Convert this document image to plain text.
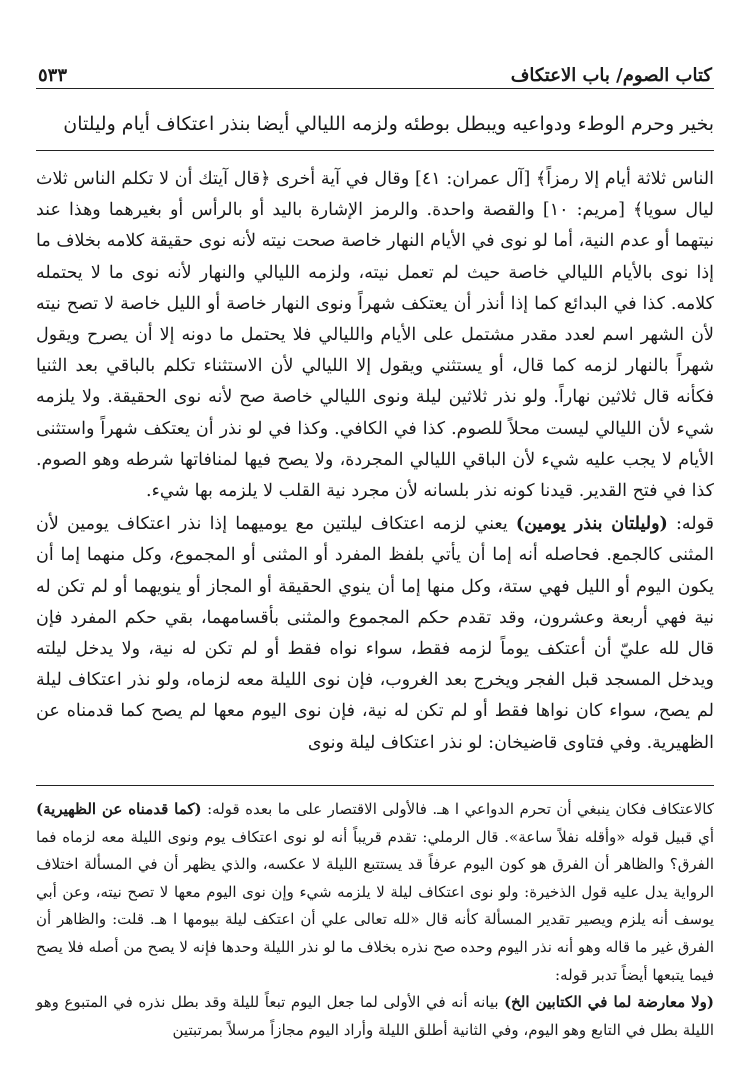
كتاب الصوم/ باب الاعتكاف
٥٣٣
بخير وحرم الوطء ودواعيه ويبطل بوطئه ولزمه الليالي أيضا بنذر اعتكاف أيام وليلتان

الناس ثلاثة أيام إلا رمزاً﴾ [آل عمران: ٤١] وقال في آية أخرى ﴿قال آيتك أن لا تكلم الناس ثلاث ليال سويا﴾ [مريم: ١٠] والقصة واحدة. والرمز الإشارة باليد أو بالرأس أو بغيرهما وهذا عند نيتهما أو عدم النية، أما لو نوى في الأيام النهار خاصة صحت نيته لأنه نوى حقيقة كلامه بخلاف ما إذا نوى بالأيام الليالي خاصة حيث لم تعمل نيته، ولزمه الليالي والنهار لأنه نوى ما لا يحتمله كلامه. كذا في البدائع كما إذا أنذر أن يعتكف شهراً ونوى النهار خاصة أو الليل خاصة لا تصح نيته لأن الشهر اسم لعدد مقدر مشتمل على الأيام والليالي فلا يحتمل ما دونه إلا أن يصرح ويقول شهراً بالنهار لزمه كما قال، أو يستثني ويقول إلا الليالي لأن الاستثناء تكلم بالباقي بعد الثنيا فكأنه قال ثلاثين نهاراً. ولو نذر ثلاثين ليلة ونوى الليالي خاصة صح لأنه نوى الحقيقة. ولا يلزمه شيء لأن الليالي ليست محلاً للصوم. كذا في الكافي. وكذا في لو نذر أن يعتكف شهراً واستثنى الأيام لا يجب عليه شيء لأن الباقي الليالي المجردة، ولا يصح فيها لمنافاتها شرطه وهو الصوم. كذا في فتح القدير. قيدنا كونه نذر بلسانه لأن مجرد نية القلب لا يلزمه بها شيء.

قوله: (وليلتان بنذر يومين) يعني لزمه اعتكاف ليلتين مع يوميهما إذا نذر اعتكاف يومين لأن المثنى كالجمع. فحاصله أنه إما أن يأتي بلفظ المفرد أو المثنى أو المجموع، وكل منهما إما أن يكون اليوم أو الليل فهي ستة، وكل منها إما أن ينوي الحقيقة أو المجاز أو ينويهما أو لم تكن له نية فهي أربعة وعشرون، وقد تقدم حكم المجموع والمثنى بأقسامهما، بقي حكم المفرد فإن قال لله عليّ أن أعتكف يوماً لزمه فقط، سواء نواه فقط أو لم تكن له نية، ولا يدخل ليلته ويدخل المسجد قبل الفجر ويخرج بعد الغروب، فإن نوى الليلة معه لزماه، ولو نذر اعتكاف ليلة لم يصح، سواء كان نواها فقط أو لم تكن له نية، فإن نوى اليوم معها لم يصح كما قدمناه عن الظهيرية. وفي فتاوى قاضيخان: لو نذر اعتكاف ليلة ونوى

كالاعتكاف فكان ينبغي أن تحرم الدواعي ا هـ. فالأولى الاقتصار على ما بعده قوله: (كما قدمناه عن الظهيرية) أي قبيل قوله «وأقله نفلاً ساعة». قال الرملي: تقدم قريباً أنه لو نوى اعتكاف يوم ونوى الليلة معه لزماه فما الفرق؟ والظاهر أن الفرق هو كون اليوم عرفاً قد يستتبع الليلة لا عكسه، والذي يظهر أن في المسألة اختلاف الرواية يدل عليه قول الذخيرة: ولو نوى اعتكاف ليلة لا يلزمه شيء وإن نوى اليوم معها لا تصح نيته، وعن أبي يوسف أنه يلزم ويصير تقدير المسألة كأنه قال «لله تعالى علي أن اعتكف ليلة بيومها ا هـ. قلت: والظاهر أن الفرق غير ما قاله وهو أنه نذر اليوم وحده صح نذره بخلاف ما لو نذر الليلة وحدها فإنه لا يصح من أصله فلا يصح فيما يتبعها أيضاً تدبر قوله:

(ولا معارضة لما في الكتابين الخ) بيانه أنه في الأولى لما جعل اليوم تبعاً لليلة وقد بطل نذره في المتبوع وهو الليلة بطل في التابع وهو اليوم، وفي الثانية أطلق الليلة وأراد اليوم مجازاً مرسلاً بمرتبتين
